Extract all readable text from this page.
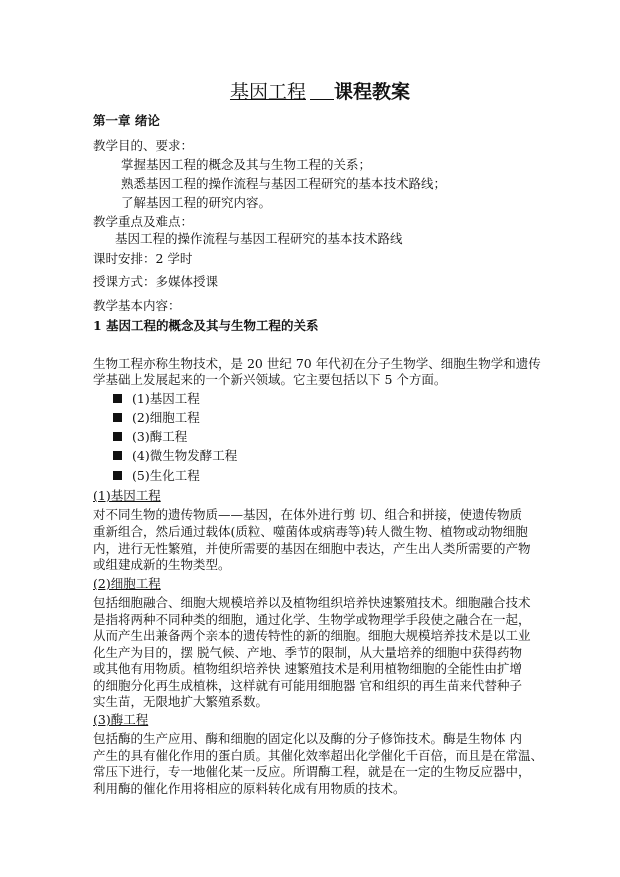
基因工程 课程教案
第一章 绪论
教学目的、要求：
掌握基因工程的概念及其与生物工程的关系；
熟悉基因工程的操作流程与基因工程研究的基本技术路线；
了解基因工程的研究内容。
教学重点及难点：
基因工程的操作流程与基因工程研究的基本技术路线
课时安排：2 学时
授课方式：多媒体授课
教学基本内容：
1 基因工程的概念及其与生物工程的关系
生物工程亦称生物技术，是 20 世纪 70 年代初在分子生物学、细胞生物学和遗传
学基础上发展起来的一个新兴领域。它主要包括以下 5 个方面。
(1)基因工程
(2)细胞工程
(3)酶工程
(4)微生物发酵工程
(5)生化工程
(1)基因工程
对不同生物的遗传物质——基因，在体外进行剪 切、组合和拼接，使遗传物质
重新组合，然后通过载体(质粒、噬菌体或病毒等)转人微生物、植物或动物细胞
内，进行无性繁殖，并使所需要的基因在细胞中表达，产生出人类所需要的产物
或组建成新的生物类型。
(2)细胞工程
包括细胞融合、细胞大规模培养以及植物组织培养快速繁殖技术。细胞融合技术
是指将两种不同种类的细胞，通过化学、生物学或物理学手段使之融合在一起，
从而产生出兼备两个亲本的遗传特性的新的细胞。细胞大规模培养技术是以工业
化生产为目的，摆 脱气候、产地、季节的限制，从大量培养的细胞中获得药物
或其他有用物质。植物组织培养快 速繁殖技术是利用植物细胞的全能性由扩增
的细胞分化再生成植株，这样就有可能用细胞器 官和组织的再生苗来代替种子
实生苗，无限地扩大繁殖系数。
(3)酶工程
包括酶的生产应用、酶和细胞的固定化以及酶的分子修饰技术。酶是生物体 内
产生的具有催化作用的蛋白质。其催化效率超出化学催化千百倍，而且是在常温、
常压下进行，专一地催化某一反应。所谓酶工程，就是在一定的生物反应器中，
利用酶的催化作用将相应的原料转化成有用物质的技术。
